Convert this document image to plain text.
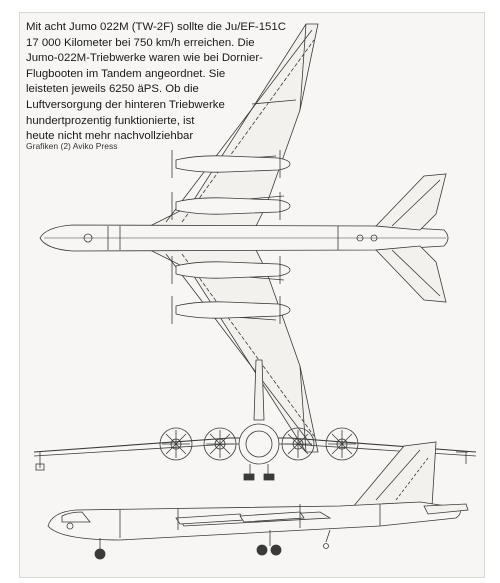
Mit acht Jumo 022M (TW-2F) sollte die Ju/EF-151C

17 000 Kilometer bei 750 km/h erreichen. Die

Jumo-022M-Triebwerke waren wie bei Dornier-

Flugbooten im Tandem angeordnet. Sie

leisteten jeweils 6250 äPS. Ob die

Luftversorgung der hinteren Triebwerke

hundertprozentig funktionierte, ist

heute nicht mehr nachvollziehbar

Grafiken (2) Aviko Press
